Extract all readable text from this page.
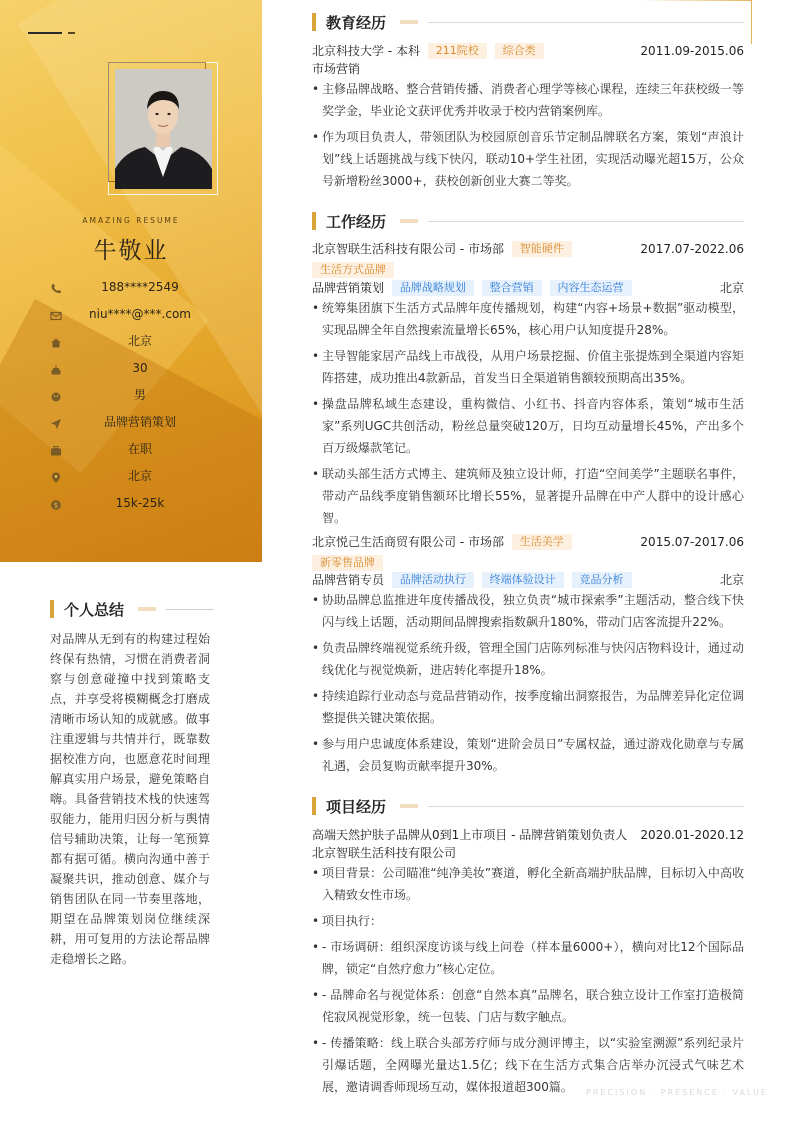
AMAZING RESUME
牛敬业
188****2549
niu****@***.com
北京
30
男
品牌营销策划
在职
北京
$	15k-25k
个人总结
对品牌从无到有的构建过程始终保有热情，习惯在消费者洞察与创意碰撞中找到策略支点，并享受将模糊概念打磨成清晰市场认知的成就感。做事注重逻辑与共情并行，既靠数据校准方向，也愿意花时间理解真实用户场景，避免策略自嗨。具备营销技术栈的快速驾驭能力，能用归因分析与舆情信号辅助决策，让每一笔预算都有据可循。横向沟通中善于凝聚共识，推动创意、媒介与销售团队在同一节奏里落地，期望在品牌策划岗位继续深耕，用可复用的方法论帮品牌走稳增长之路。
教育经历
北京科技大学 - 本科 211院校 综合类	2011.09-2015.06
市场营销
• 主修品牌战略、整合营销传播、消费者心理学等核心课程，连续三年获校级一等奖学金，毕业论文获评优秀并收录于校内营销案例库。
• 作为项目负责人，带领团队为校园原创音乐节定制品牌联名方案，策划“声浪计划”线上话题挑战与线下快闪，联动10+学生社团，实现活动曝光超15万，公众号新增粉丝3000+，获校创新创业大赛二等奖。
工作经历
北京智联生活科技有限公司 - 市场部 智能硬件	2017.07-2022.06
生活方式品牌
品牌营销策划 品牌战略规划 整合营销 内容生态运营	北京
• 统筹集团旗下生活方式品牌年度传播规划，构建“内容+场景+数据”驱动模型，实现品牌全年自然搜索流量增长65%，核心用户认知度提升28%。
• 主导智能家居产品线上市战役，从用户场景挖掘、价值主张提炼到全渠道内容矩阵搭建，成功推出4款新品，首发当日全渠道销售额较预期高出35%。
• 操盘品牌私域生态建设，重构微信、小红书、抖音内容体系，策划“城市生活家”系列UGC共创活动，粉丝总量突破120万，日均互动量增长45%，产出多个百万级爆款笔记。
• 联动头部生活方式博主、建筑师及独立设计师，打造“空间美学”主题联名事件，带动产品线季度销售额环比增长55%，显著提升品牌在中产人群中的设计感心智。
北京悦己生活商贸有限公司 - 市场部 生活美学	2015.07-2017.06
新零售品牌
品牌营销专员 品牌活动执行 终端体验设计 竞品分析	北京
• 协助品牌总监推进年度传播战役，独立负责“城市探索季”主题活动，整合线下快闪与线上话题，活动期间品牌搜索指数飙升180%，带动门店客流提升22%。
• 负责品牌终端视觉系统升级，管理全国门店陈列标准与快闪店物料设计，通过动线优化与视觉焕新，进店转化率提升18%。
• 持续追踪行业动态与竞品营销动作，按季度输出洞察报告，为品牌差异化定位调整提供关键决策依据。
• 参与用户忠诚度体系建设，策划“进阶会员日”专属权益，通过游戏化勋章与专属礼遇，会员复购贡献率提升30%。
项目经历
高端天然护肤子品牌从0到1上市项目 - 品牌营销策划负责人 2020.01-2020.12
北京智联生活科技有限公司
• 项目背景：公司瞄准“纯净美妆”赛道，孵化全新高端护肤品牌，目标切入中高收入精致女性市场。
• 项目执行：
• - 市场调研：组织深度访谈与线上问卷（样本量6000+），横向对比12个国际品牌，锁定“自然疗愈力”核心定位。
• - 品牌命名与视觉体系：创意“自然本真”品牌名，联合独立设计工作室打造极简侘寂风视觉形象，统一包装、门店与数字触点。
• - 传播策略：线上联合头部芳疗师与成分测评博主，以“实验室溯源”系列纪录片引爆话题，全网曝光量达1.5亿；线下在生活方式集合店举办沉浸式气味艺术展，邀请调香师现场互动，媒体报道超300篇。	PRECISION · PRESENCE · VALUE
